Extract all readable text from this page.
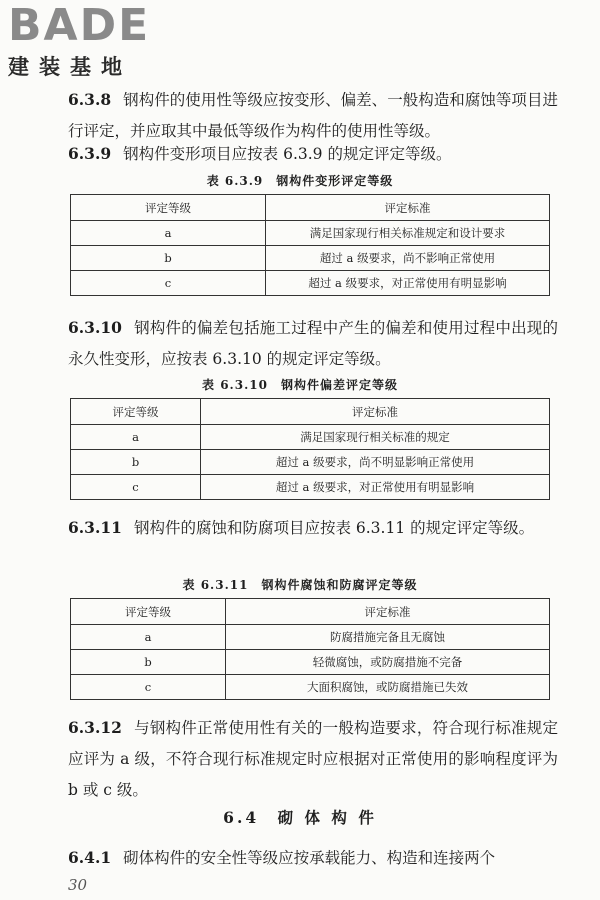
BADE
建装基地
6.3.8 钢构件的使用性等级应按变形、偏差、一般构造和腐蚀等项目进行评定，并应取其中最低等级作为构件的使用性等级。
6.3.9 钢构件变形项目应按表 6.3.9 的规定评定等级。
表 6.3.9　钢构件变形评定等级
评定等级	评定标准
a	满足国家现行相关标准规定和设计要求
b	超过 a 级要求，尚不影响正常使用
c	超过 a 级要求，对正常使用有明显影响
6.3.10 钢构件的偏差包括施工过程中产生的偏差和使用过程中出现的永久性变形，应按表 6.3.10 的规定评定等级。
表 6.3.10　钢构件偏差评定等级
评定等级	评定标准
a	满足国家现行相关标准的规定
b	超过 a 级要求，尚不明显影响正常使用
c	超过 a 级要求，对正常使用有明显影响
6.3.11 钢构件的腐蚀和防腐项目应按表 6.3.11 的规定评定等级。
表 6.3.11　钢构件腐蚀和防腐评定等级
评定等级	评定标准
a	防腐措施完备且无腐蚀
b	轻微腐蚀，或防腐措施不完备
c	大面积腐蚀，或防腐措施已失效
6.3.12 与钢构件正常使用性有关的一般构造要求，符合现行标准规定应评为 a 级，不符合现行标准规定时应根据对正常使用的影响程度评为 b 或 c 级。
6.4　砌 体 构 件
6.4.1 砌体构件的安全性等级应按承载能力、构造和连接两个
30
